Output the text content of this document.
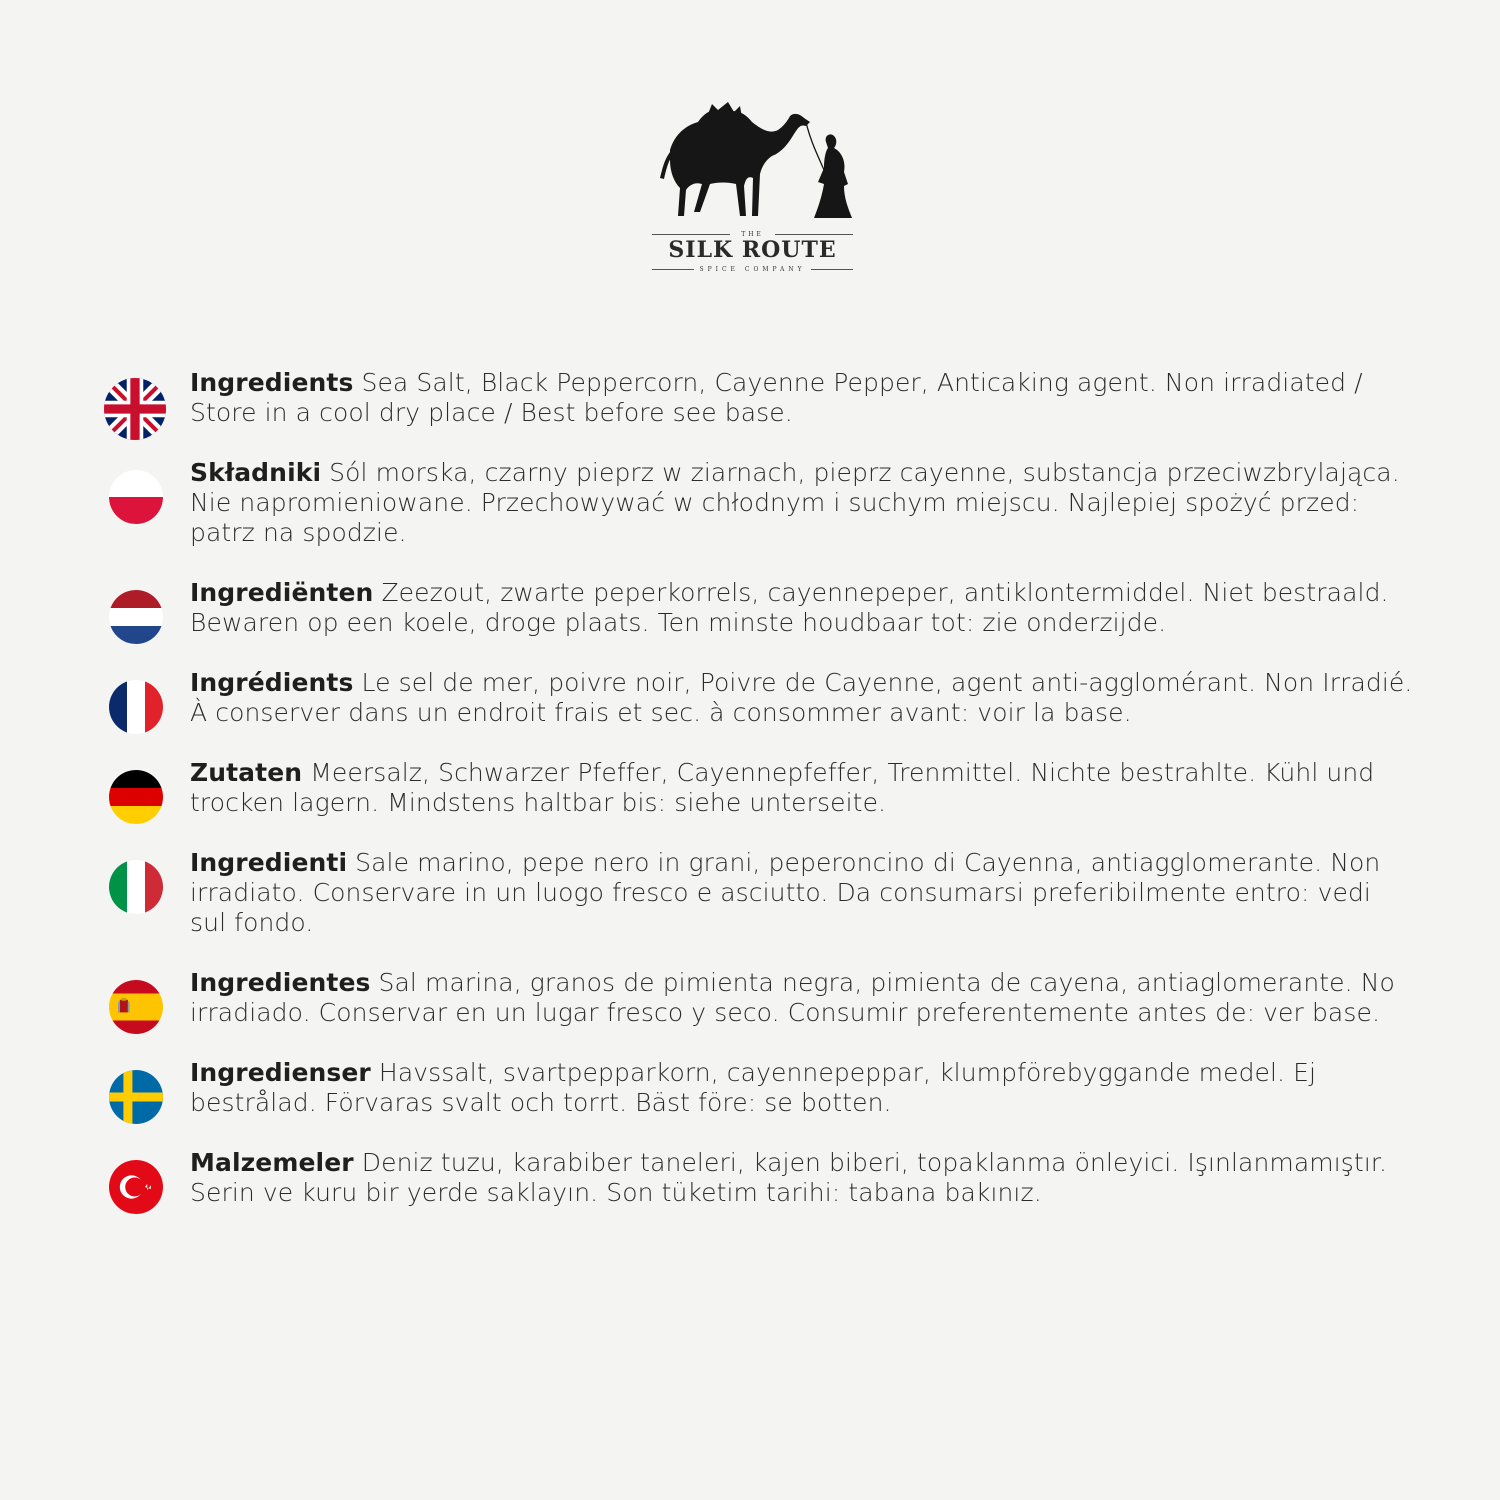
THE
SILK ROUTE
SPICE COMPANY
Ingredients Sea Salt, Black Peppercorn, Cayenne Pepper, Anticaking agent. Non irradiated / Store in a cool dry place / Best before see base.
Składniki Sól morska, czarny pieprz w ziarnach, pieprz cayenne, substancja przeciwzbrylająca. Nie napromieniowane. Przechowywać w chłodnym i suchym miejscu. Najlepiej spożyć przed: patrz na spodzie.
Ingrediënten Zeezout, zwarte peperkorrels, cayennepeper, antiklontermiddel. Niet bestraald. Bewaren op een koele, droge plaats. Ten minste houdbaar tot: zie onderzijde.
Ingrédients Le sel de mer, poivre noir, Poivre de Cayenne, agent anti-agglomérant. Non Irradié. À conserver dans un endroit frais et sec. à consommer avant: voir la base.
Zutaten Meersalz, Schwarzer Pfeffer, Cayennepfeffer, Trenmittel. Nichte bestrahlte. Kühl und trocken lagern. Mindstens haltbar bis: siehe unterseite.
Ingredienti Sale marino, pepe nero in grani, peperoncino di Cayenna, antiagglomerante. Non irradiato. Conservare in un luogo fresco e asciutto. Da consumarsi preferibilmente entro: vedi sul fondo.
Ingredientes Sal marina, granos de pimienta negra, pimienta de cayena, antiaglomerante. No irradiado. Conservar en un lugar fresco y seco. Consumir preferentemente antes de: ver base.
Ingredienser Havssalt, svartpepparkorn, cayennepeppar, klumpförebyggande medel. Ej bestrålad. Förvaras svalt och torrt. Bäst före: se botten.
Malzemeler Deniz tuzu, karabiber taneleri, kajen biberi, topaklanma önleyici. Işınlanmamıştır. Serin ve kuru bir yerde saklayın. Son tüketim tarihi: tabana bakınız.
